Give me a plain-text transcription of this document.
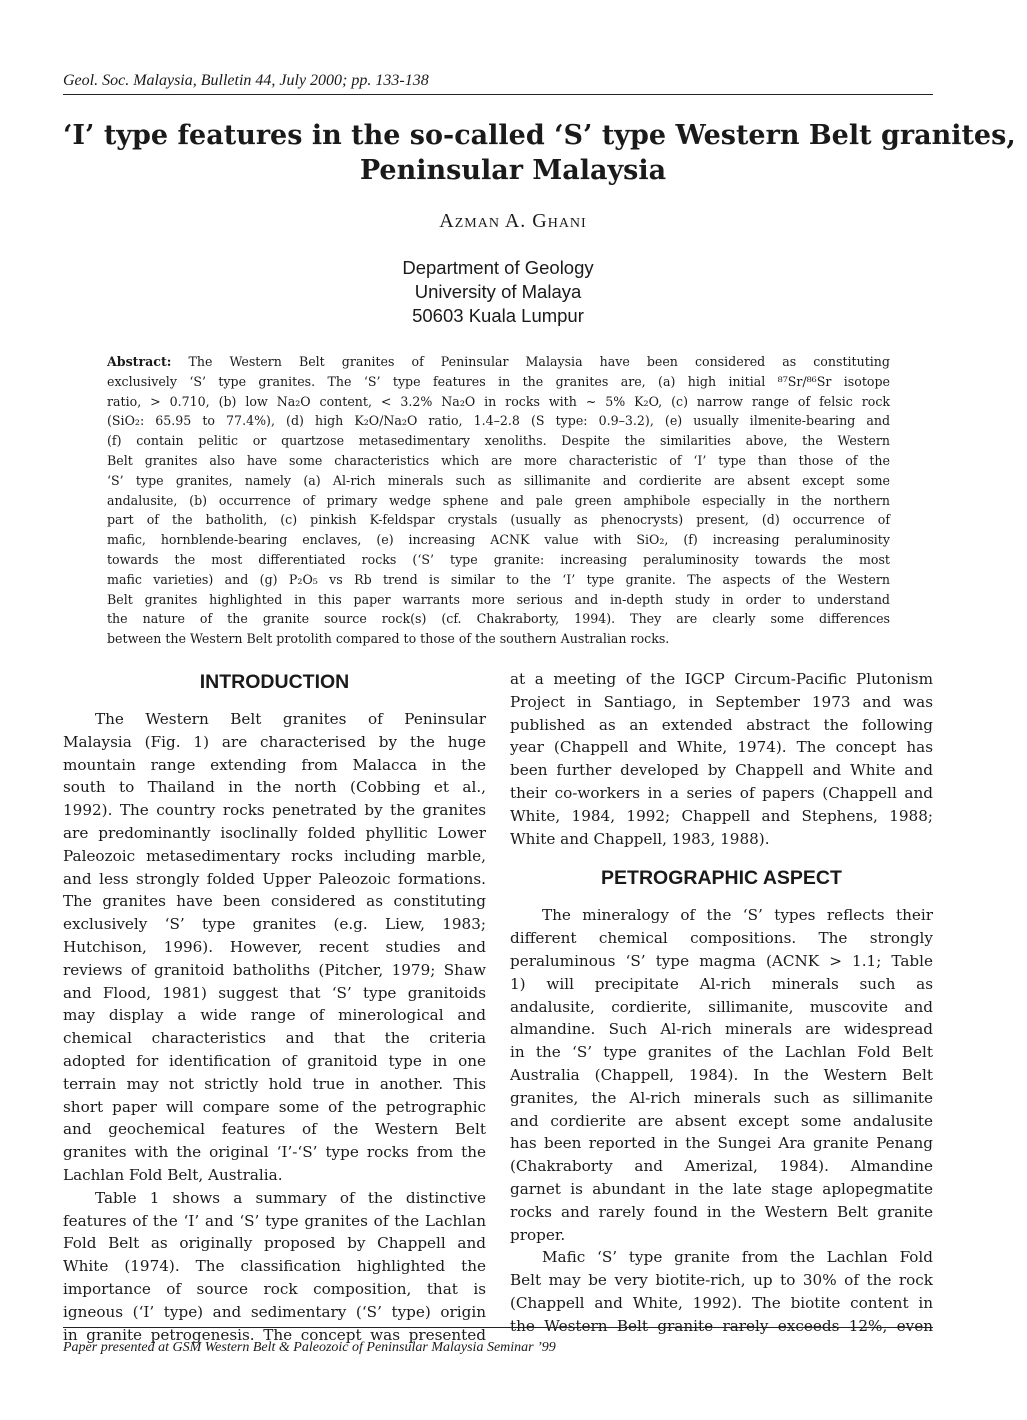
Geol. Soc. Malaysia, Bulletin 44, July 2000; pp. 133-138
‘I’ type features in the so-called ‘S’ type Western Belt granites,
Peninsular Malaysia
Azman A. Ghani
Department of Geology
University of Malaya
50603 Kuala Lumpur
Abstract: The Western Belt granites of Peninsular Malaysia have been considered as constituting
exclusively ‘S’ type granites. The ‘S’ type features in the granites are, (a) high initial ⁸⁷Sr/⁸⁶Sr isotope
ratio, > 0.710, (b) low Na₂O content, < 3.2% Na₂O in rocks with ~ 5% K₂O, (c) narrow range of felsic rock
(SiO₂: 65.95 to 77.4%), (d) high K₂O/Na₂O ratio, 1.4–2.8 (S type: 0.9–3.2), (e) usually ilmenite-bearing and
(f) contain pelitic or quartzose metasedimentary xenoliths. Despite the similarities above, the Western
Belt granites also have some characteristics which are more characteristic of ‘I’ type than those of the
‘S’ type granites, namely (a) Al-rich minerals such as sillimanite and cordierite are absent except some
andalusite, (b) occurrence of primary wedge sphene and pale green amphibole especially in the northern
part of the batholith, (c) pinkish K-feldspar crystals (usually as phenocrysts) present, (d) occurrence of
mafic, hornblende-bearing enclaves, (e) increasing ACNK value with SiO₂, (f) increasing peraluminosity
towards the most differentiated rocks (‘S’ type granite: increasing peraluminosity towards the most
mafic varieties) and (g) P₂O₅ vs Rb trend is similar to the ‘I’ type granite. The aspects of the Western
Belt granites highlighted in this paper warrants more serious and in-depth study in order to understand
the nature of the granite source rock(s) (cf. Chakraborty, 1994). They are clearly some differences
between the Western Belt protolith compared to those of the southern Australian rocks.
INTRODUCTION
The Western Belt granites of Peninsular
Malaysia (Fig. 1) are characterised by the huge
mountain range extending from Malacca in the
south to Thailand in the north (Cobbing et al.,
1992). The country rocks penetrated by the granites
are predominantly isoclinally folded phyllitic Lower
Paleozoic metasedimentary rocks including marble,
and less strongly folded Upper Paleozoic formations.
The granites have been considered as constituting
exclusively ‘S’ type granites (e.g. Liew, 1983;
Hutchison, 1996). However, recent studies and
reviews of granitoid batholiths (Pitcher, 1979; Shaw
and Flood, 1981) suggest that ‘S’ type granitoids
may display a wide range of minerological and
chemical characteristics and that the criteria
adopted for identification of granitoid type in one
terrain may not strictly hold true in another. This
short paper will compare some of the petrographic
and geochemical features of the Western Belt
granites with the original ‘I’-‘S’ type rocks from the
Lachlan Fold Belt, Australia.
Table 1 shows a summary of the distinctive
features of the ‘I’ and ‘S’ type granites of the Lachlan
Fold Belt as originally proposed by Chappell and
White (1974). The classification highlighted the
importance of source rock composition, that is
igneous (‘I’ type) and sedimentary (‘S’ type) origin
in granite petrogenesis. The concept was presented
at a meeting of the IGCP Circum-Pacific Plutonism
Project in Santiago, in September 1973 and was
published as an extended abstract the following
year (Chappell and White, 1974). The concept has
been further developed by Chappell and White and
their co-workers in a series of papers (Chappell and
White, 1984, 1992; Chappell and Stephens, 1988;
White and Chappell, 1983, 1988).
PETROGRAPHIC ASPECT
The mineralogy of the ‘S’ types reflects their
different chemical compositions. The strongly
peraluminous ‘S’ type magma (ACNK > 1.1; Table
1) will precipitate Al-rich minerals such as
andalusite, cordierite, sillimanite, muscovite and
almandine. Such Al-rich minerals are widespread
in the ‘S’ type granites of the Lachlan Fold Belt
Australia (Chappell, 1984). In the Western Belt
granites, the Al-rich minerals such as sillimanite
and cordierite are absent except some andalusite
has been reported in the Sungei Ara granite Penang
(Chakraborty and Amerizal, 1984). Almandine
garnet is abundant in the late stage aplopegmatite
rocks and rarely found in the Western Belt granite
proper.
Mafic ‘S’ type granite from the Lachlan Fold
Belt may be very biotite-rich, up to 30% of the rock
(Chappell and White, 1992). The biotite content in
the Western Belt granite rarely exceeds 12%, even
Paper presented at GSM Western Belt & Paleozoic of Peninsular Malaysia Seminar ’99
